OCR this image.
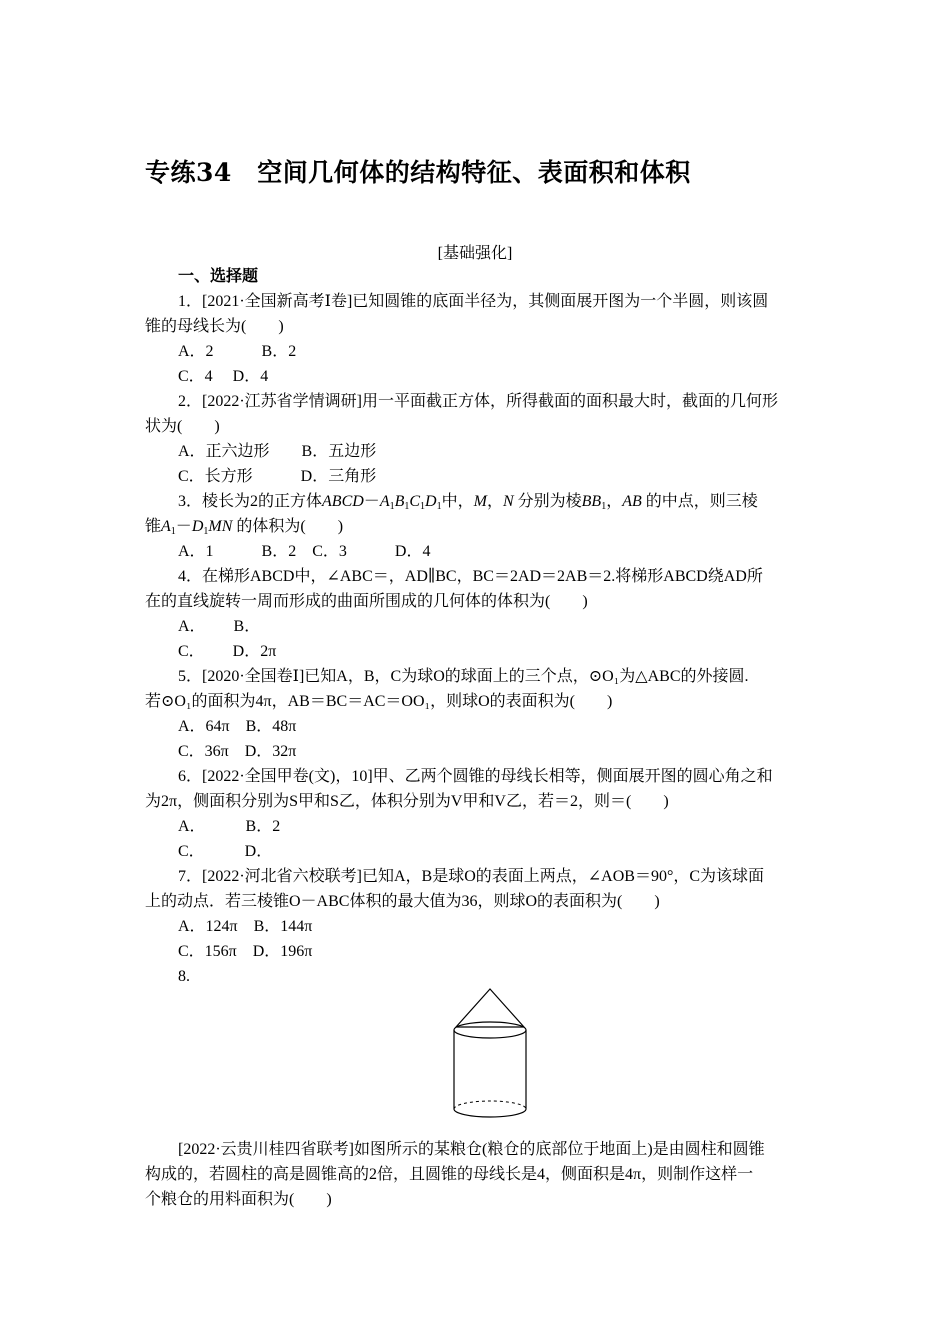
专练34　空间几何体的结构特征、表面积和体积
[基础强化]
一、选择题
1．[2021·全国新高考Ⅰ卷]已知圆锥的底面半径为，其侧面展开图为一个半圆，则该圆
锥的母线长为(　　)
A．2　　　B．2
C．4　 D．4
2．[2022·江苏省学情调研]用一平面截正方体，所得截面的面积最大时，截面的几何形
状为(　　)
A．正六边形　　B．五边形
C．长方形　　　D．三角形
3．棱长为2的正方体$ABCD-A_1B_1C_1D_1$中，M，N 分别为棱$BB_1$，AB 的中点，则三棱
锥$A_1-D_1MN$ 的体积为(　　)
A．1　　　B．2　C．3　　　D．4
4．在梯形ABCD中，∠ABC＝，AD∥BC，BC＝2AD＝2AB＝2.将梯形ABCD绕AD所
在的直线旋转一周而形成的曲面所围成的几何体的体积为(　　)
A．　　 B．
C．　　 D．2π
5．[2020·全国卷Ⅰ]已知A，B，C为球O的球面上的三个点，⊙O₁为△ABC的外接圆.
若⊙O₁的面积为4π，AB＝BC＝AC＝OO₁，则球O的表面积为(　　)
A．64π　B．48π
C．36π　D．32π
6．[2022·全国甲卷(文)，10]甲、乙两个圆锥的母线长相等，侧面展开图的圆心角之和
为2π，侧面积分别为S甲和S乙，体积分别为V甲和V乙，若＝2，则＝(　　)
A．　　　B．2
C．　　　D．
7．[2022·河北省六校联考]已知A，B是球O的表面上两点，∠AOB＝90°，C为该球面
上的动点．若三棱锥O－ABC体积的最大值为36，则球O的表面积为(　　)
A．124π　B．144π
C．156π　D．196π
8.
[2022·云贵川桂四省联考]如图所示的某粮仓(粮仓的底部位于地面上)是由圆柱和圆锥
构成的，若圆柱的高是圆锥高的2倍，且圆锥的母线长是4，侧面积是4π，则制作这样一
个粮仓的用料面积为(　　)
